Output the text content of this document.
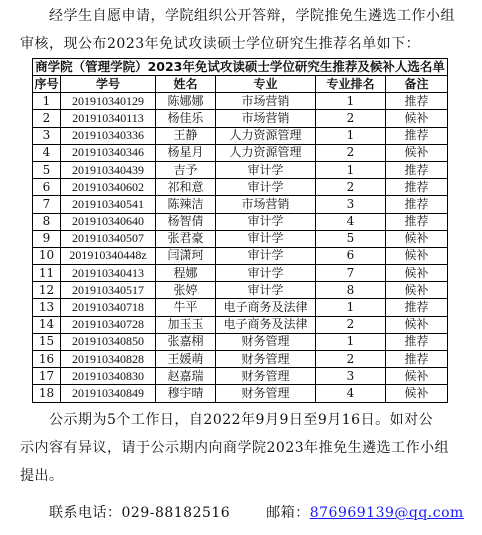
经学生自愿申请，学院组织公开答辩，学院推免生遴选工作小组
审核，现公布2023年免试攻读硕士学位研究生推荐名单如下：
商学院（管理学院）2023年免试攻读硕士学位研究生推荐及候补人选名单
序号	学号	姓名	专业	专业排名	备注
1	201910340129	陈娜娜	市场营销	1	推荐
2	201910340113	杨佳乐	市场营销	2	候补
3	201910340336	王静	人力资源管理	1	推荐
4	201910340346	杨星月	人力资源管理	2	候补
5	201910340439	吉予	审计学	1	推荐
6	201910340602	祁和意	审计学	2	推荐
7	201910340541	陈辣洁	市场营销	3	推荐
8	201910340640	杨智倩	审计学	4	推荐
9	201910340507	张君豪	审计学	5	候补
10	201910340448z	闫潇珂	审计学	6	候补
11	201910340413	程娜	审计学	7	候补
12	201910340517	张婷	审计学	8	候补
13	201910340718	牛平	电子商务及法律	1	推荐
14	201910340728	加玉玉	电子商务及法律	2	候补
15	201910340850	张嘉栩	财务管理	1	推荐
16	201910340828	王媛萌	财务管理	2	推荐
17	201910340830	赵嘉瑞	财务管理	3	候补
18	201910340849	穆宇晴	财务管理	4	候补
公示期为5个工作日，自2022年9月9日至9月16日。如对公
示内容有异议，请于公示期内向商学院2023年推免生遴选工作小组
提出。
联系电话：029-88182516	邮箱：876969139@qq.com
